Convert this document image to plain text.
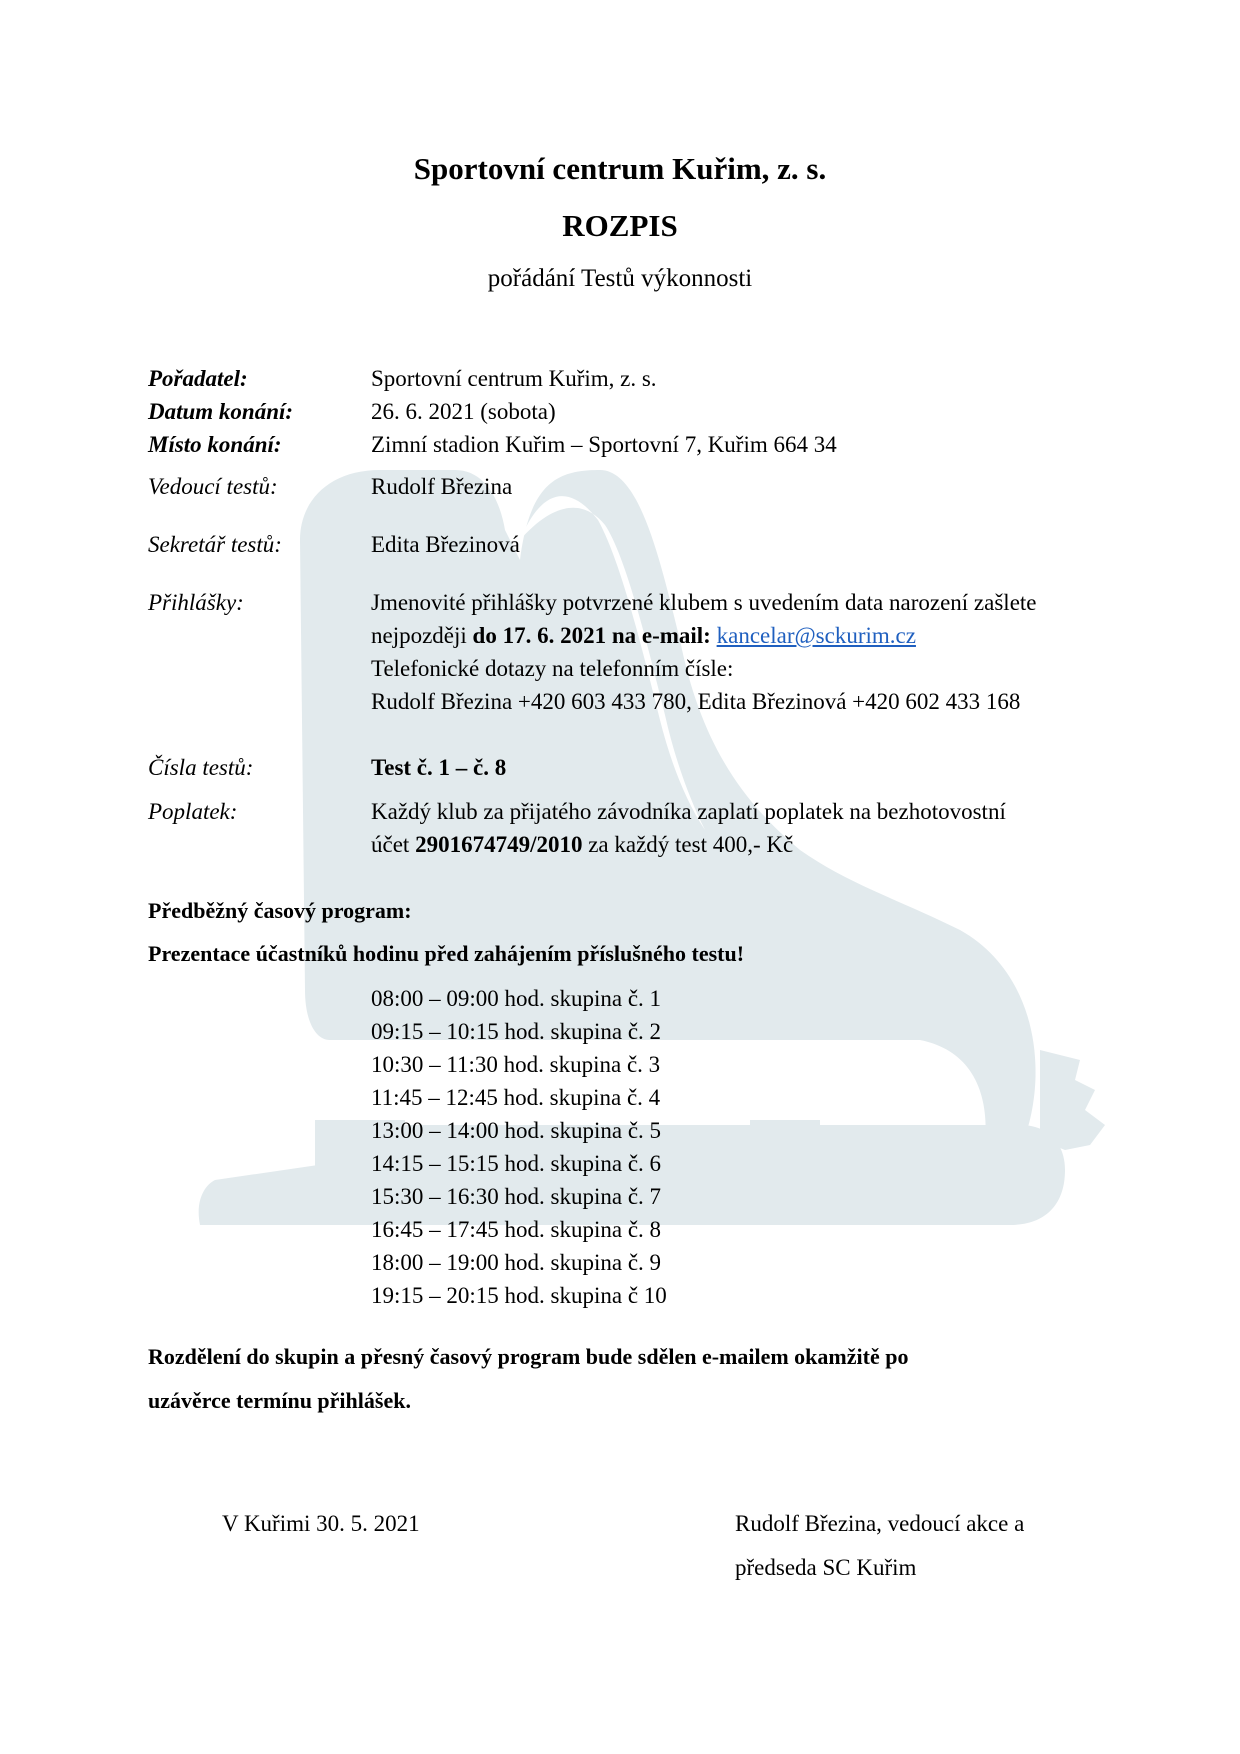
Sportovní centrum Kuřim, z. s.
ROZPIS
pořádání Testů výkonnosti
Pořadatel:	Sportovní centrum Kuřim, z. s.
Datum konání:	26. 6. 2021 (sobota)
Místo konání:	Zimní stadion Kuřim – Sportovní 7, Kuřim 664 34
Vedoucí testů:	Rudolf Březina
Sekretář testů:	Edita Březinová
Přihlášky:	Jmenovité přihlášky potvrzené klubem s uvedením data narození zašlete
nejpozději do 17. 6. 2021 na e-mail: kancelar@sckurim.cz
Telefonické dotazy na telefonním čísle:
Rudolf Březina +420 603 433 780, Edita Březinová +420 602 433 168
Čísla testů:	Test č. 1 – č. 8
Poplatek:	Každý klub za přijatého závodníka zaplatí poplatek na bezhotovostní
účet 2901674749/2010 za každý test 400,- Kč
Předběžný časový program:
Prezentace účastníků hodinu před zahájením příslušného testu!
08:00 – 09:00 hod. skupina č. 1
09:15 – 10:15 hod. skupina č. 2
10:30 – 11:30 hod. skupina č. 3
11:45 – 12:45 hod. skupina č. 4
13:00 – 14:00 hod. skupina č. 5
14:15 – 15:15 hod. skupina č. 6
15:30 – 16:30 hod. skupina č. 7
16:45 – 17:45 hod. skupina č. 8
18:00 – 19:00 hod. skupina č. 9
19:15 – 20:15 hod. skupina č 10
Rozdělení do skupin a přesný časový program bude sdělen e-mailem okamžitě po
uzávěrce termínu přihlášek.
V Kuřimi 30. 5. 2021	Rudolf Březina, vedoucí akce a
předseda SC Kuřim
